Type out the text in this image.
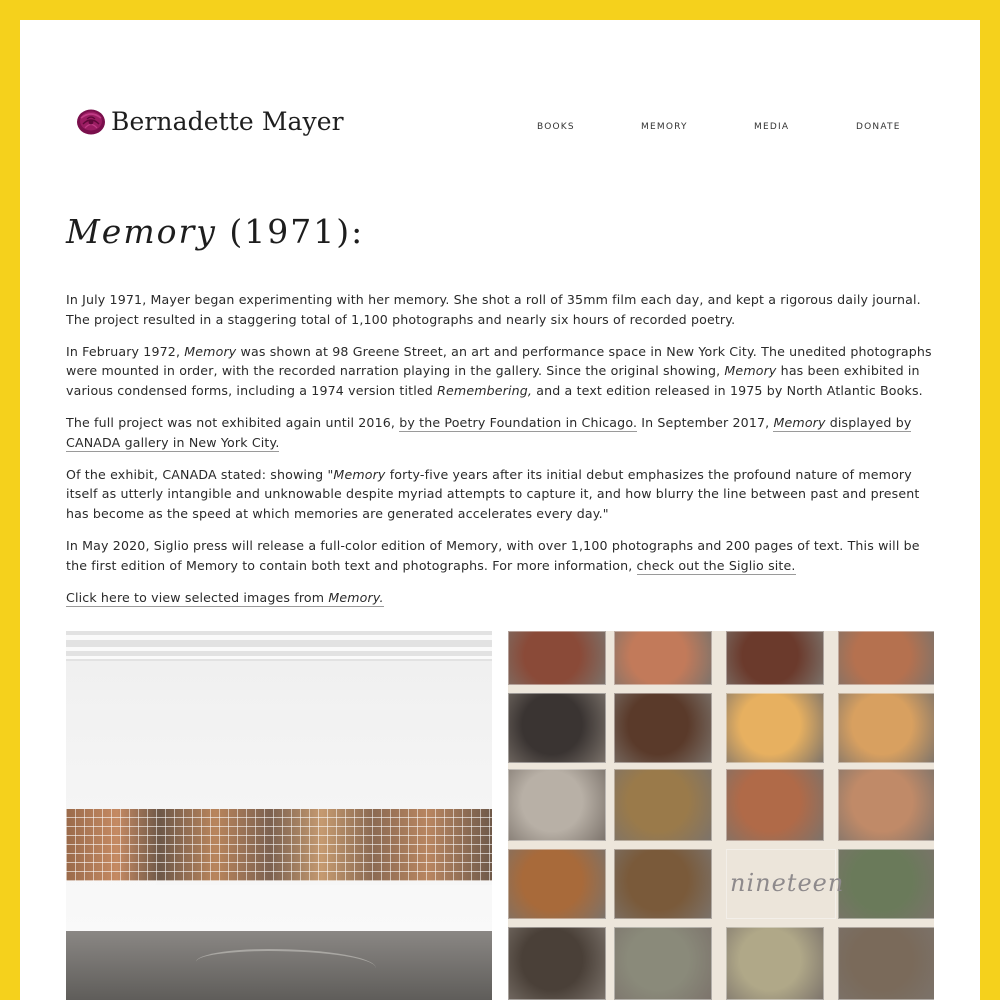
Bernadette Mayer	BOOKS	MEMORY	MEDIA	DONATE
Memory (1971):

In July 1971, Mayer began experimenting with her memory. She shot a roll of 35mm film each day, and kept a rigorous daily journal. The project resulted in a staggering total of 1,100 photographs and nearly six hours of recorded poetry.

In February 1972, Memory was shown at 98 Greene Street, an art and performance space in New York City. The unedited photographs were mounted in order, with the recorded narration playing in the gallery. Since the original showing, Memory has been exhibited in various condensed forms, including a 1974 version titled Remembering, and a text edition released in 1975 by North Atlantic Books.

The full project was not exhibited again until 2016, by the Poetry Foundation in Chicago. In September 2017, Memory displayed by CANADA gallery in New York City.

Of the exhibit, CANADA stated: showing "Memory forty-five years after its initial debut emphasizes the profound nature of memory itself as utterly intangible and unknowable despite myriad attempts to capture it, and how blurry the line between past and present has become as the speed at which memories are generated accelerates every day."

In May 2020, Siglio press will release a full-color edition of Memory, with over 1,100 photographs and 200 pages of text. This will be the first edition of Memory to contain both text and photographs. For more information, check out the Siglio site.

Click here to view selected images from Memory.

nineteen
